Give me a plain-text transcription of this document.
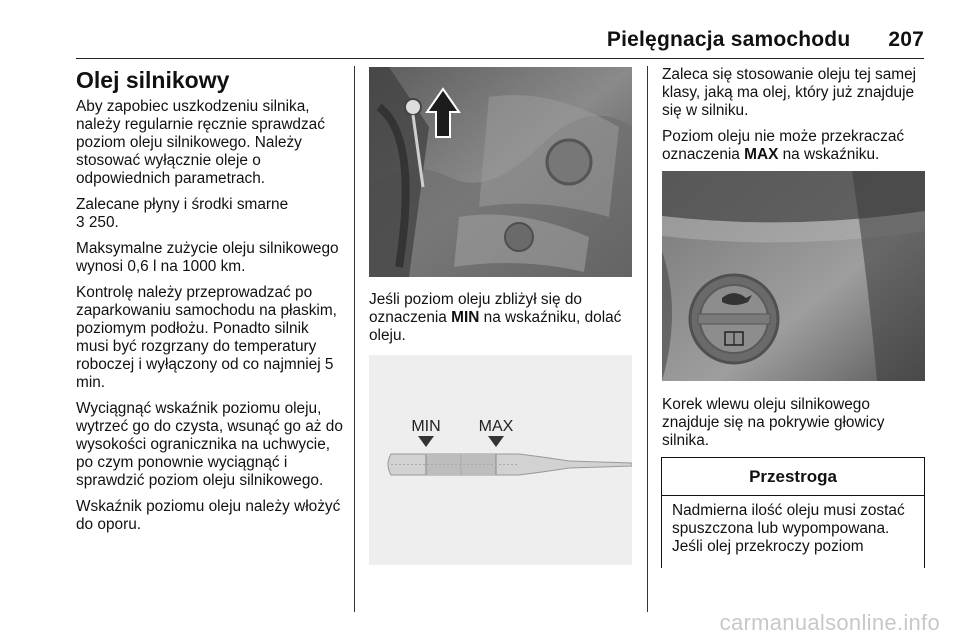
Pielęgnacja samochodu 207
Olej silnikowy

Aby zapobiec uszkodzeniu silnika, należy regularnie ręcznie sprawdzać poziom oleju silnikowego. Należy stosować wyłącznie oleje o odpowiednich parametrach.

Zalecane płyny i środki smarne
3 250.

Maksymalne zużycie oleju silnikowego wynosi 0,6 l na 1000 km.

Kontrolę należy przeprowadzać po zaparkowaniu samochodu na płaskim, poziomym podłożu. Ponadto silnik musi być rozgrzany do temperatury roboczej i wyłączony od co najmniej 5 min.

Wyciągnąć wskaźnik poziomu oleju, wytrzeć go do czysta, wsunąć go aż do wysokości ogranicznika na uchwycie, po czym ponownie wyciągnąć i sprawdzić poziom oleju silnikowego.

Wskaźnik poziomu oleju należy włożyć do oporu.

Jeśli poziom oleju zbliżył się do oznaczenia MIN na wskaźniku, dolać oleju.

MIN MAX

Zaleca się stosowanie oleju tej samej klasy, jaką ma olej, który już znajduje się w silniku.

Poziom oleju nie może przekraczać oznaczenia MAX na wskaźniku.

Korek wlewu oleju silnikowego znajduje się na pokrywie głowicy silnika.

Przestroga
Nadmierna ilość oleju musi zostać spuszczona lub wypompowana. Jeśli olej przekroczy poziom
carmanualsonline.info
